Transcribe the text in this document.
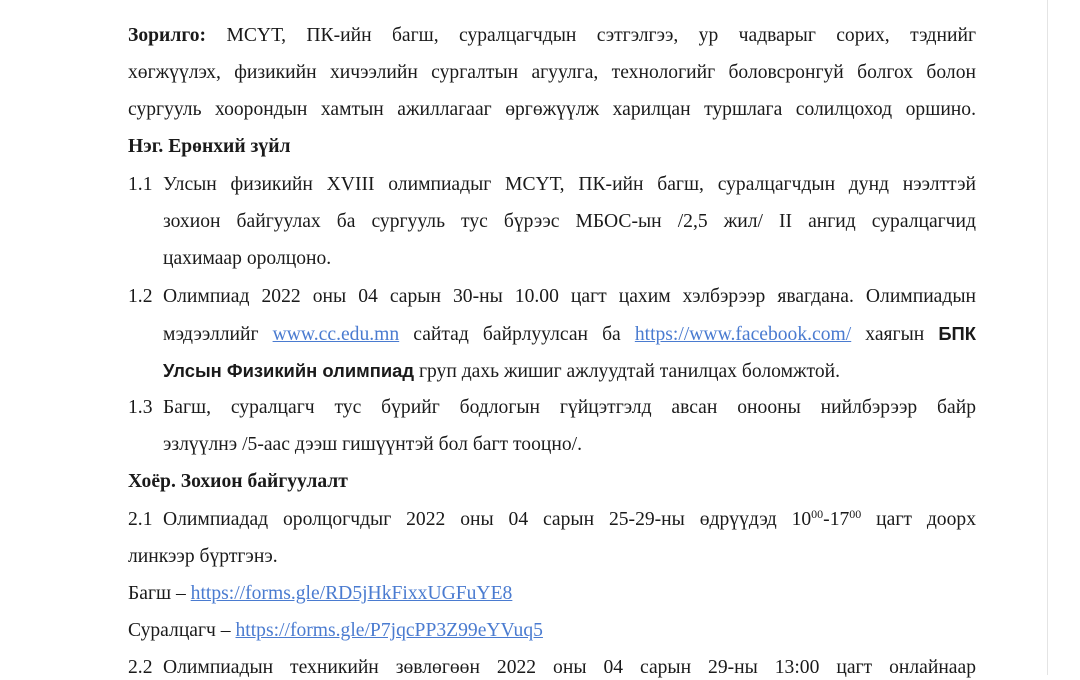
Зорилго: МСҮТ, ПК-ийн багш, суралцагчдын сэтгэлгээ, ур чадварыг сорих, тэднийг
хөгжүүлэх, физикийн хичээлийн сургалтын агуулга, технологийг боловсронгуй болгох болон
сургууль хоорондын хамтын ажиллагааг өргөжүүлж харилцан туршлага солилцоход оршино.
Нэг. Ерөнхий зүйл
1.1 Улсын физикийн XVIII олимпиадыг МСҮТ, ПК-ийн багш, суралцагчдын дунд нээлттэй
зохион байгуулах ба сургууль тус бүрээс МБОС-ын /2,5 жил/ II ангид суралцагчид
цахимаар оролцоно.
1.2 Олимпиад 2022 оны 04 сарын 30-ны 10.00 цагт цахим хэлбэрээр явагдана. Олимпиадын
мэдээллийг www.cc.edu.mn сайтад байрлуулсан ба https://www.facebook.com/ хаягын БПК
Улсын Физикийн олимпиад груп дахь жишиг ажлуудтай танилцах боломжтой.
1.3 Багш, суралцагч тус бүрийг бодлогын гүйцэтгэлд авсан онооны нийлбэрээр байр
эзлүүлнэ /5-аас дээш гишүүнтэй бол багт тооцно/.
Хоёр. Зохион байгуулалт
2.1 Олимпиадад оролцогчдыг 2022 оны 04 сарын 25-29-ны өдрүүдэд $10^{00}-17^{00}$ цагт доорх
линкээр бүртгэнэ.
Багш – https://forms.gle/RD5jHkFixxUGFuYE8
Суралцагч – https://forms.gle/P7jqcPP3Z99eYVuq5
2.2 Олимпиадын техникийн зөвлөгөөн 2022 оны 04 сарын 29-ны 13:00 цагт онлайнаар
